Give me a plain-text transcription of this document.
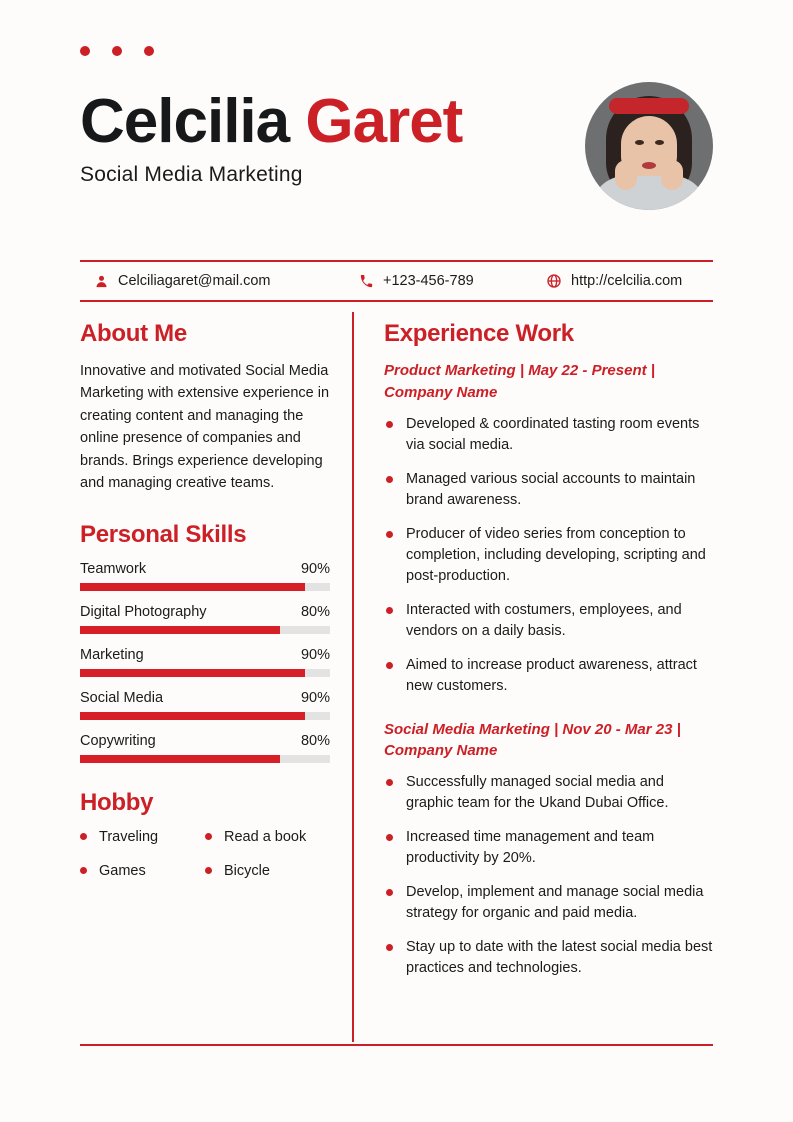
Celcilia Garet
Social Media Marketing
Celciliagaret@mail.com	+123-456-789	http://celcilia.com
About Me
Innovative and motivated Social Media Marketing with extensive experience in creating content and managing the online presence of companies and brands. Brings experience developing and managing creative teams.
Personal Skills
Teamwork	90%
Digital Photography	80%
Marketing	90%
Social Media	90%
Copywriting	80%
Hobby
Traveling	Read a book
Games	Bicycle
Experience Work
Product Marketing | May 22 - Present | Company Name
Developed & coordinated tasting room events via social media.
Managed various social accounts to maintain brand awareness.
Producer of video series from conception to completion, including developing, scripting and post-production.
Interacted with costumers, employees, and vendors on a daily basis.
Aimed to increase product awareness, attract new customers.
Social Media Marketing | Nov 20 - Mar 23 | Company Name
Successfully managed social media and graphic team for the Ukand Dubai Office.
Increased time management and team productivity by 20%.
Develop, implement and manage social media strategy for organic and paid media.
Stay up to date with the latest social media best practices and technologies.
